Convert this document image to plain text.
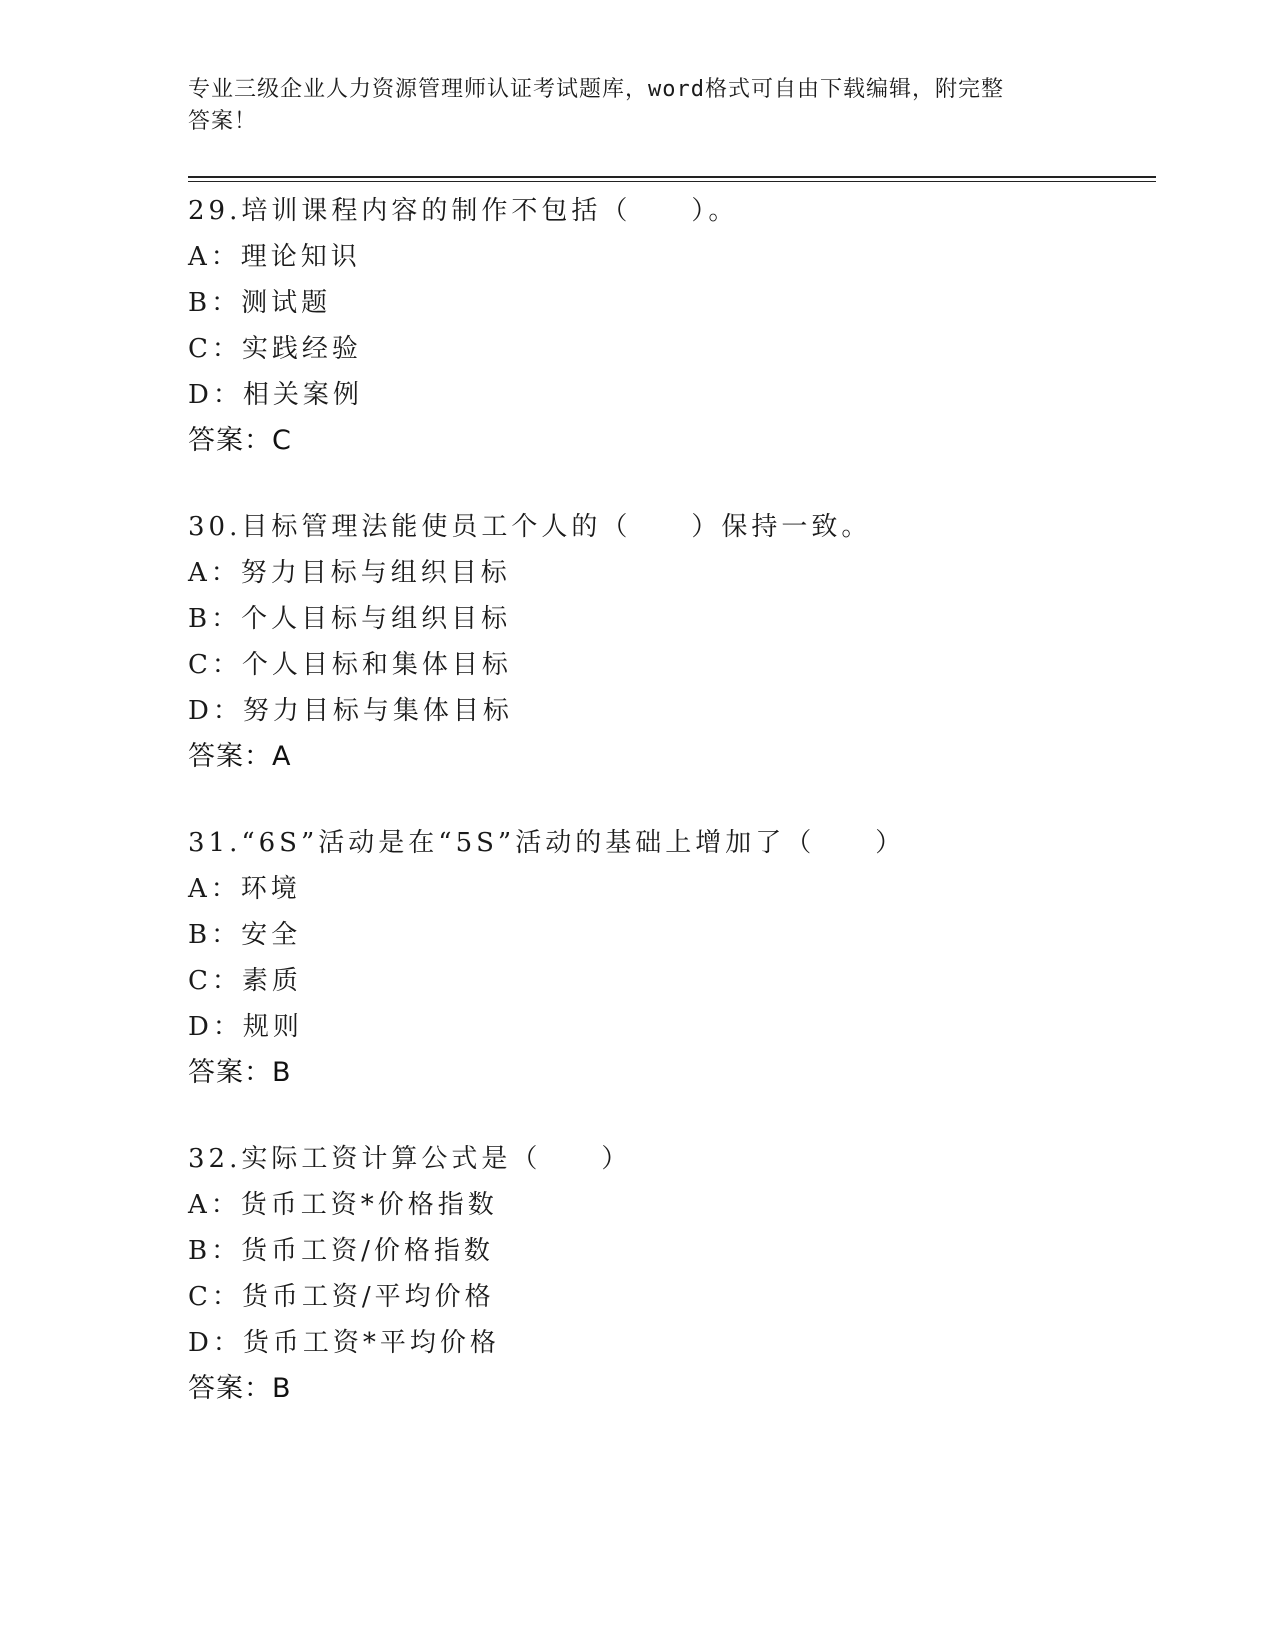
专业三级企业人力资源管理师认证考试题库，word格式可自由下载编辑，附完整
答案！
29.培训课程内容的制作不包括（　　）。
A：理论知识
B：测试题
C：实践经验
D：相关案例
答案：C
30.目标管理法能使员工个人的（　　）保持一致。
A：努力目标与组织目标
B：个人目标与组织目标
C：个人目标和集体目标
D：努力目标与集体目标
答案：A
31.“6S”活动是在“5S”活动的基础上增加了（　　）
A：环境
B：安全
C：素质
D：规则
答案：B
32.实际工资计算公式是（　　）
A：货币工资*价格指数
B：货币工资/价格指数
C：货币工资/平均价格
D：货币工资*平均价格
答案：B
